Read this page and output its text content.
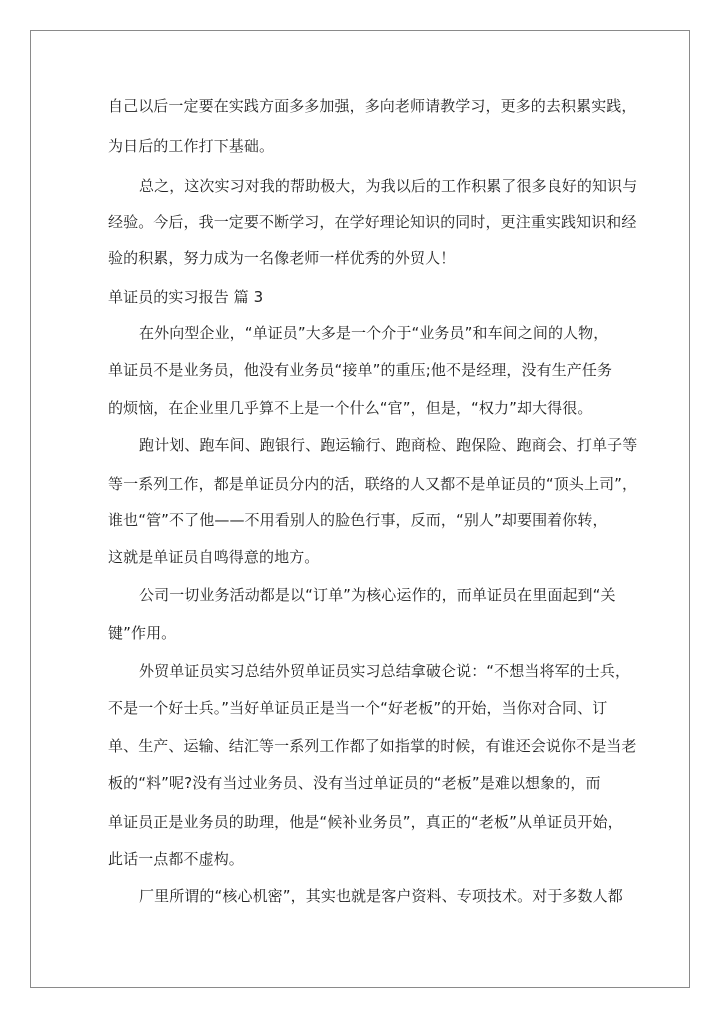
自己以后一定要在实践方面多多加强，多向老师请教学习，更多的去积累实践，
为日后的工作打下基础。
总之，这次实习对我的帮助极大，为我以后的工作积累了很多良好的知识与
经验。今后，我一定要不断学习，在学好理论知识的同时，更注重实践知识和经
验的积累，努力成为一名像老师一样优秀的外贸人！
单证员的实习报告 篇 3
在外向型企业，“单证员”大多是一个介于“业务员”和车间之间的人物，
单证员不是业务员，他没有业务员“接单”的重压;他不是经理，没有生产任务
的烦恼，在企业里几乎算不上是一个什么“官”，但是，“权力”却大得很。
跑计划、跑车间、跑银行、跑运输行、跑商检、跑保险、跑商会、打单子等
等一系列工作，都是单证员分内的活，联络的人又都不是单证员的“顶头上司”，
谁也“管”不了他——不用看别人的脸色行事，反而，“别人”却要围着你转，
这就是单证员自鸣得意的地方。
公司一切业务活动都是以“订单”为核心运作的，而单证员在里面起到“关
键”作用。
外贸单证员实习总结外贸单证员实习总结拿破仑说：“不想当将军的士兵，
不是一个好士兵。”当好单证员正是当一个“好老板”的开始，当你对合同、订
单、生产、运输、结汇等一系列工作都了如指掌的时候，有谁还会说你不是当老
板的“料”呢?没有当过业务员、没有当过单证员的“老板”是难以想象的，而
单证员正是业务员的助理，他是“候补业务员”，真正的“老板”从单证员开始，
此话一点都不虚构。
厂里所谓的“核心机密”，其实也就是客户资料、专项技术。对于多数人都
